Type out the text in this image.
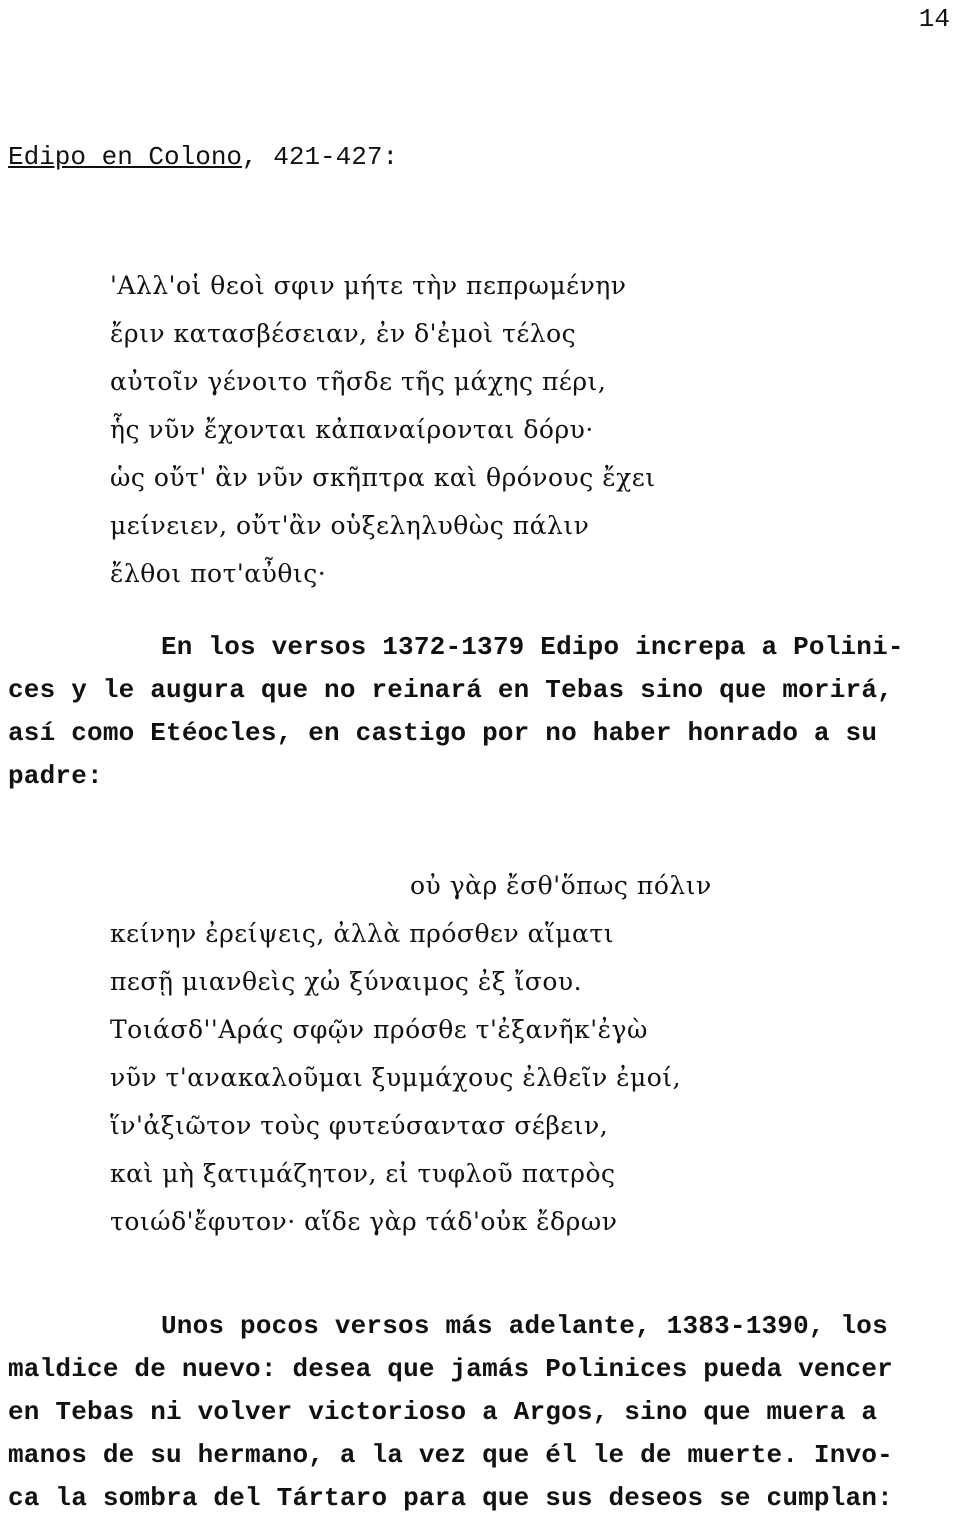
14
Edipo en Colono, 421-427:
'Αλλ'οἱ θεοὶ σφιν μήτε τὴν πεπρωμένην
ἔριν κατασβέσειαν, ἐν δ'ἐμοὶ τέλος
αὐτοῖν γένοιτο τῆσδε τῆς μάχης πέρι,
ἧς νῦν ἔχονται κἀπαναίρονται δόρυ·
ὡς οὔτ' ἂν νῦν σκῆπτρα καὶ θρόνους ἔχει
μείνειεν, οὔτ'ἂν οὑξεληλυθὼς πάλιν
ἔλθοι ποτ'αὖθις·
En los versos 1372-1379 Edipo increpa a Polini-
ces y le augura que no reinará en Tebas sino que morirá,
así como Etéocles, en castigo por no haber honrado a su
padre:
οὐ γὰρ ἔσθ'ὅπως πόλιν
κείνην ἐρείψεις, ἀλλὰ πρόσθεν αἵματι
πεσῇ μιανθεὶς χὠ ξύναιμος ἐξ ἴσου.
Τοιάσδ''Αράς σφῷν πρόσθε τ'ἐξανῆκ'ἐγὼ
νῦν τ'ανακαλοῦμαι ξυμμάχους ἐλθεῖν ἐμοί,
ἵν'ἀξιῶτον τοὺς φυτεύσαντασ σέβειν,
καὶ μὴ ξατιμάζητον, εἰ τυφλοῦ πατρὸς
τοιώδ'ἔφυτον· αἵδε γὰρ τάδ'οὐκ ἔδρων
Unos pocos versos más adelante, 1383-1390, los
maldice de nuevo: desea que jamás Polinices pueda vencer
en Tebas ni volver victorioso a Argos, sino que muera a
manos de su hermano, a la vez que él le de muerte. Invo-
ca la sombra del Tártaro para que sus deseos se cumplan:
